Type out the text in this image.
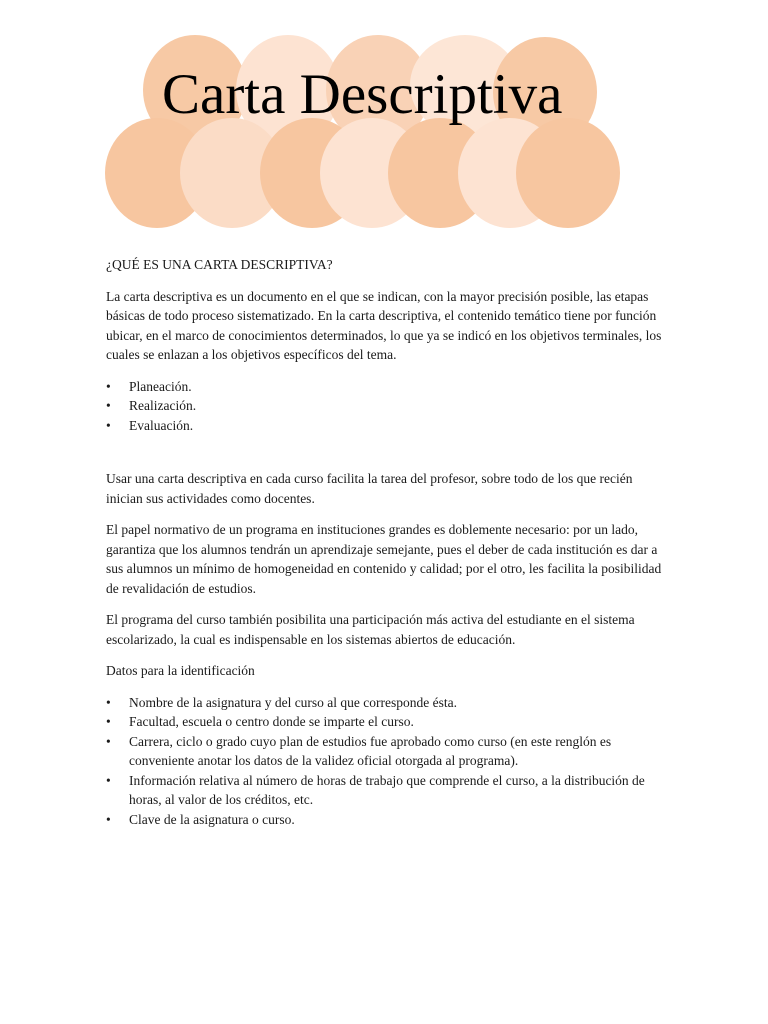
Carta Descriptiva

¿QUÉ ES UNA CARTA DESCRIPTIVA?

La carta descriptiva es un documento en el que se indican, con la mayor precisión posible, las etapas básicas de todo proceso sistematizado. En la carta descriptiva, el contenido temático tiene por función ubicar, en el marco de conocimientos determinados, lo que ya se indicó en los objetivos terminales, los cuales se enlazan a los objetivos específicos del tema.

• Planeación.
• Realización.
• Evaluación.

Usar una carta descriptiva en cada curso facilita la tarea del profesor, sobre todo de los que recién inician sus actividades como docentes.

El papel normativo de un programa en instituciones grandes es doblemente necesario: por un lado, garantiza que los alumnos tendrán un aprendizaje semejante, pues el deber de cada institución es dar a sus alumnos un mínimo de homogeneidad en contenido y calidad; por el otro, les facilita la posibilidad de revalidación de estudios.

El programa del curso también posibilita una participación más activa del estudiante en el sistema escolarizado, la cual es indispensable en los sistemas abiertos de educación.

Datos para la identificación

• Nombre de la asignatura y del curso al que corresponde ésta.
• Facultad, escuela o centro donde se imparte el curso.
• Carrera, ciclo o grado cuyo plan de estudios fue aprobado como curso (en este renglón es conveniente anotar los datos de la validez oficial otorgada al programa).
• Información relativa al número de horas de trabajo que comprende el curso, a la distribución de horas, al valor de los créditos, etc.
• Clave de la asignatura o curso.
